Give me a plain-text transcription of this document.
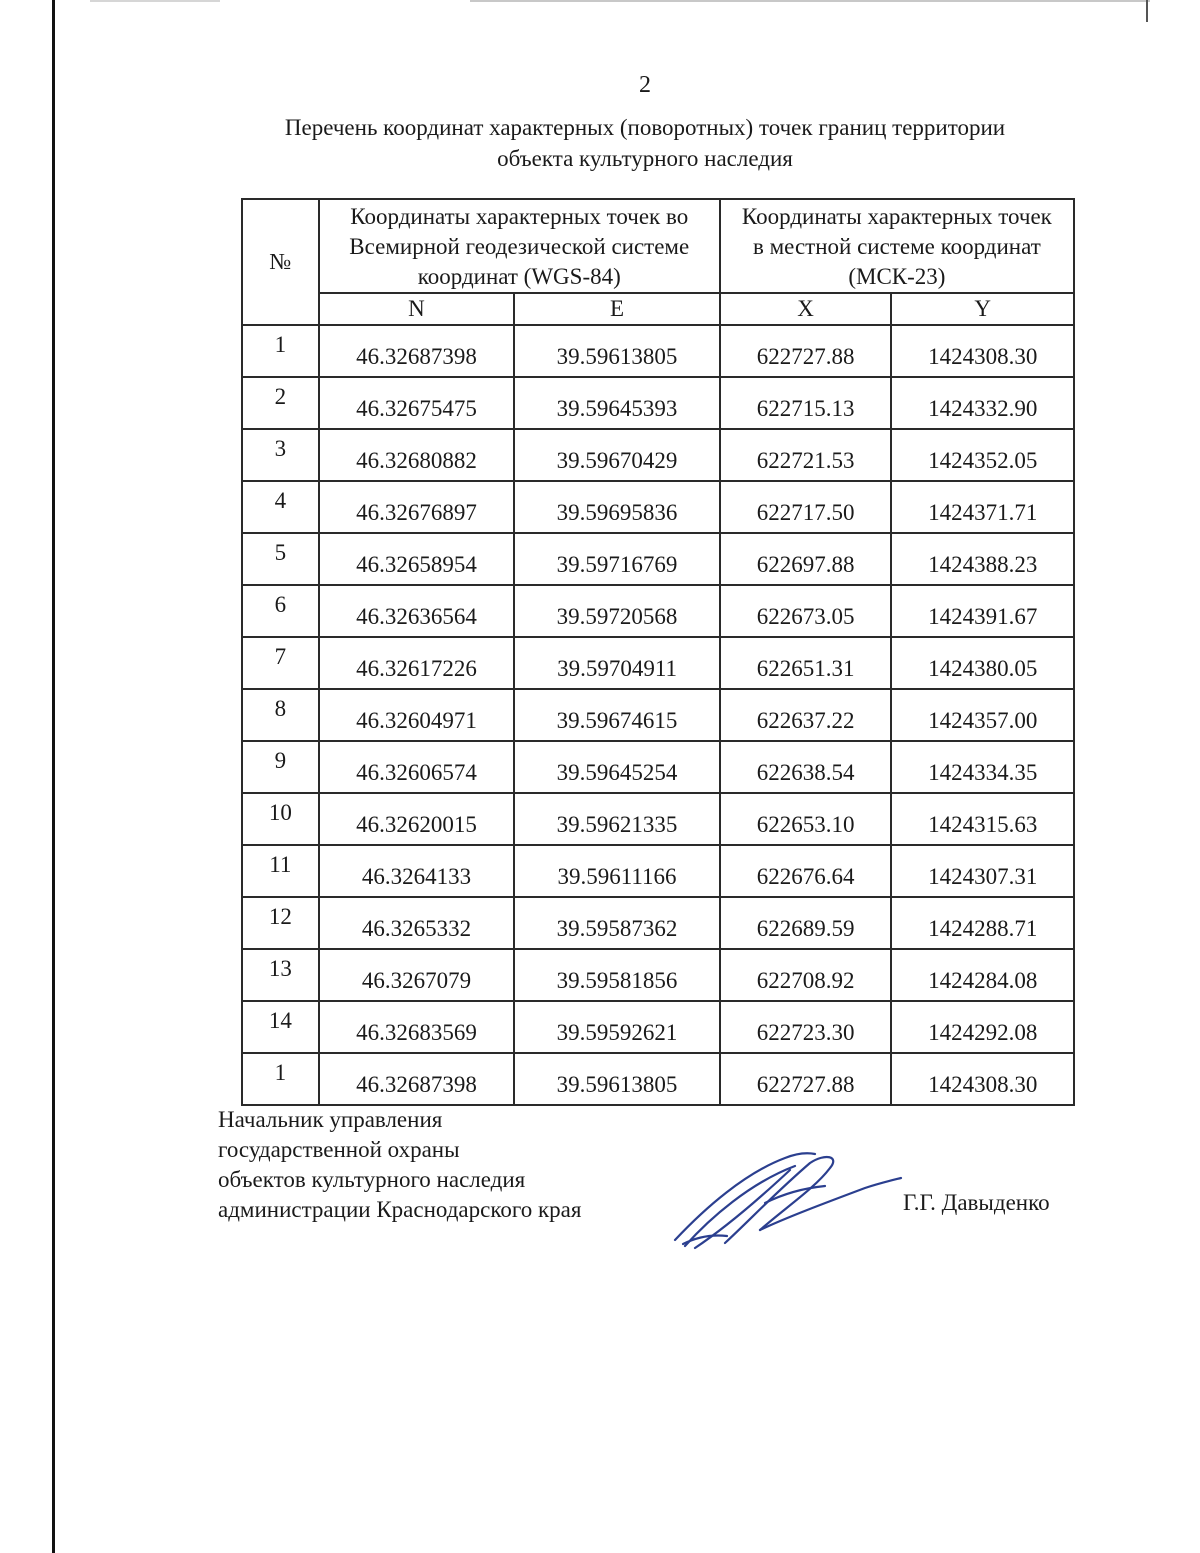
2
Перечень координат характерных (поворотных) точек границ территории
объекта культурного наследия
№	Координаты характерных точек во Всемирной геодезической системе координат (WGS-84)		Координаты характерных точек в местной системе координат (МСК-23)	
	N	E	X	Y
1	46.32687398	39.59613805	622727.88	1424308.30
2	46.32675475	39.59645393	622715.13	1424332.90
3	46.32680882	39.59670429	622721.53	1424352.05
4	46.32676897	39.59695836	622717.50	1424371.71
5	46.32658954	39.59716769	622697.88	1424388.23
6	46.32636564	39.59720568	622673.05	1424391.67
7	46.32617226	39.59704911	622651.31	1424380.05
8	46.32604971	39.59674615	622637.22	1424357.00
9	46.32606574	39.59645254	622638.54	1424334.35
10	46.32620015	39.59621335	622653.10	1424315.63
11	46.3264133	39.59611166	622676.64	1424307.31
12	46.3265332	39.59587362	622689.59	1424288.71
13	46.3267079	39.59581856	622708.92	1424284.08
14	46.32683569	39.59592621	622723.30	1424292.08
1	46.32687398	39.59613805	622727.88	1424308.30
Начальник управления
государственной охраны
объектов культурного наследия
администрации Краснодарского края	Г.Г. Давыденко
